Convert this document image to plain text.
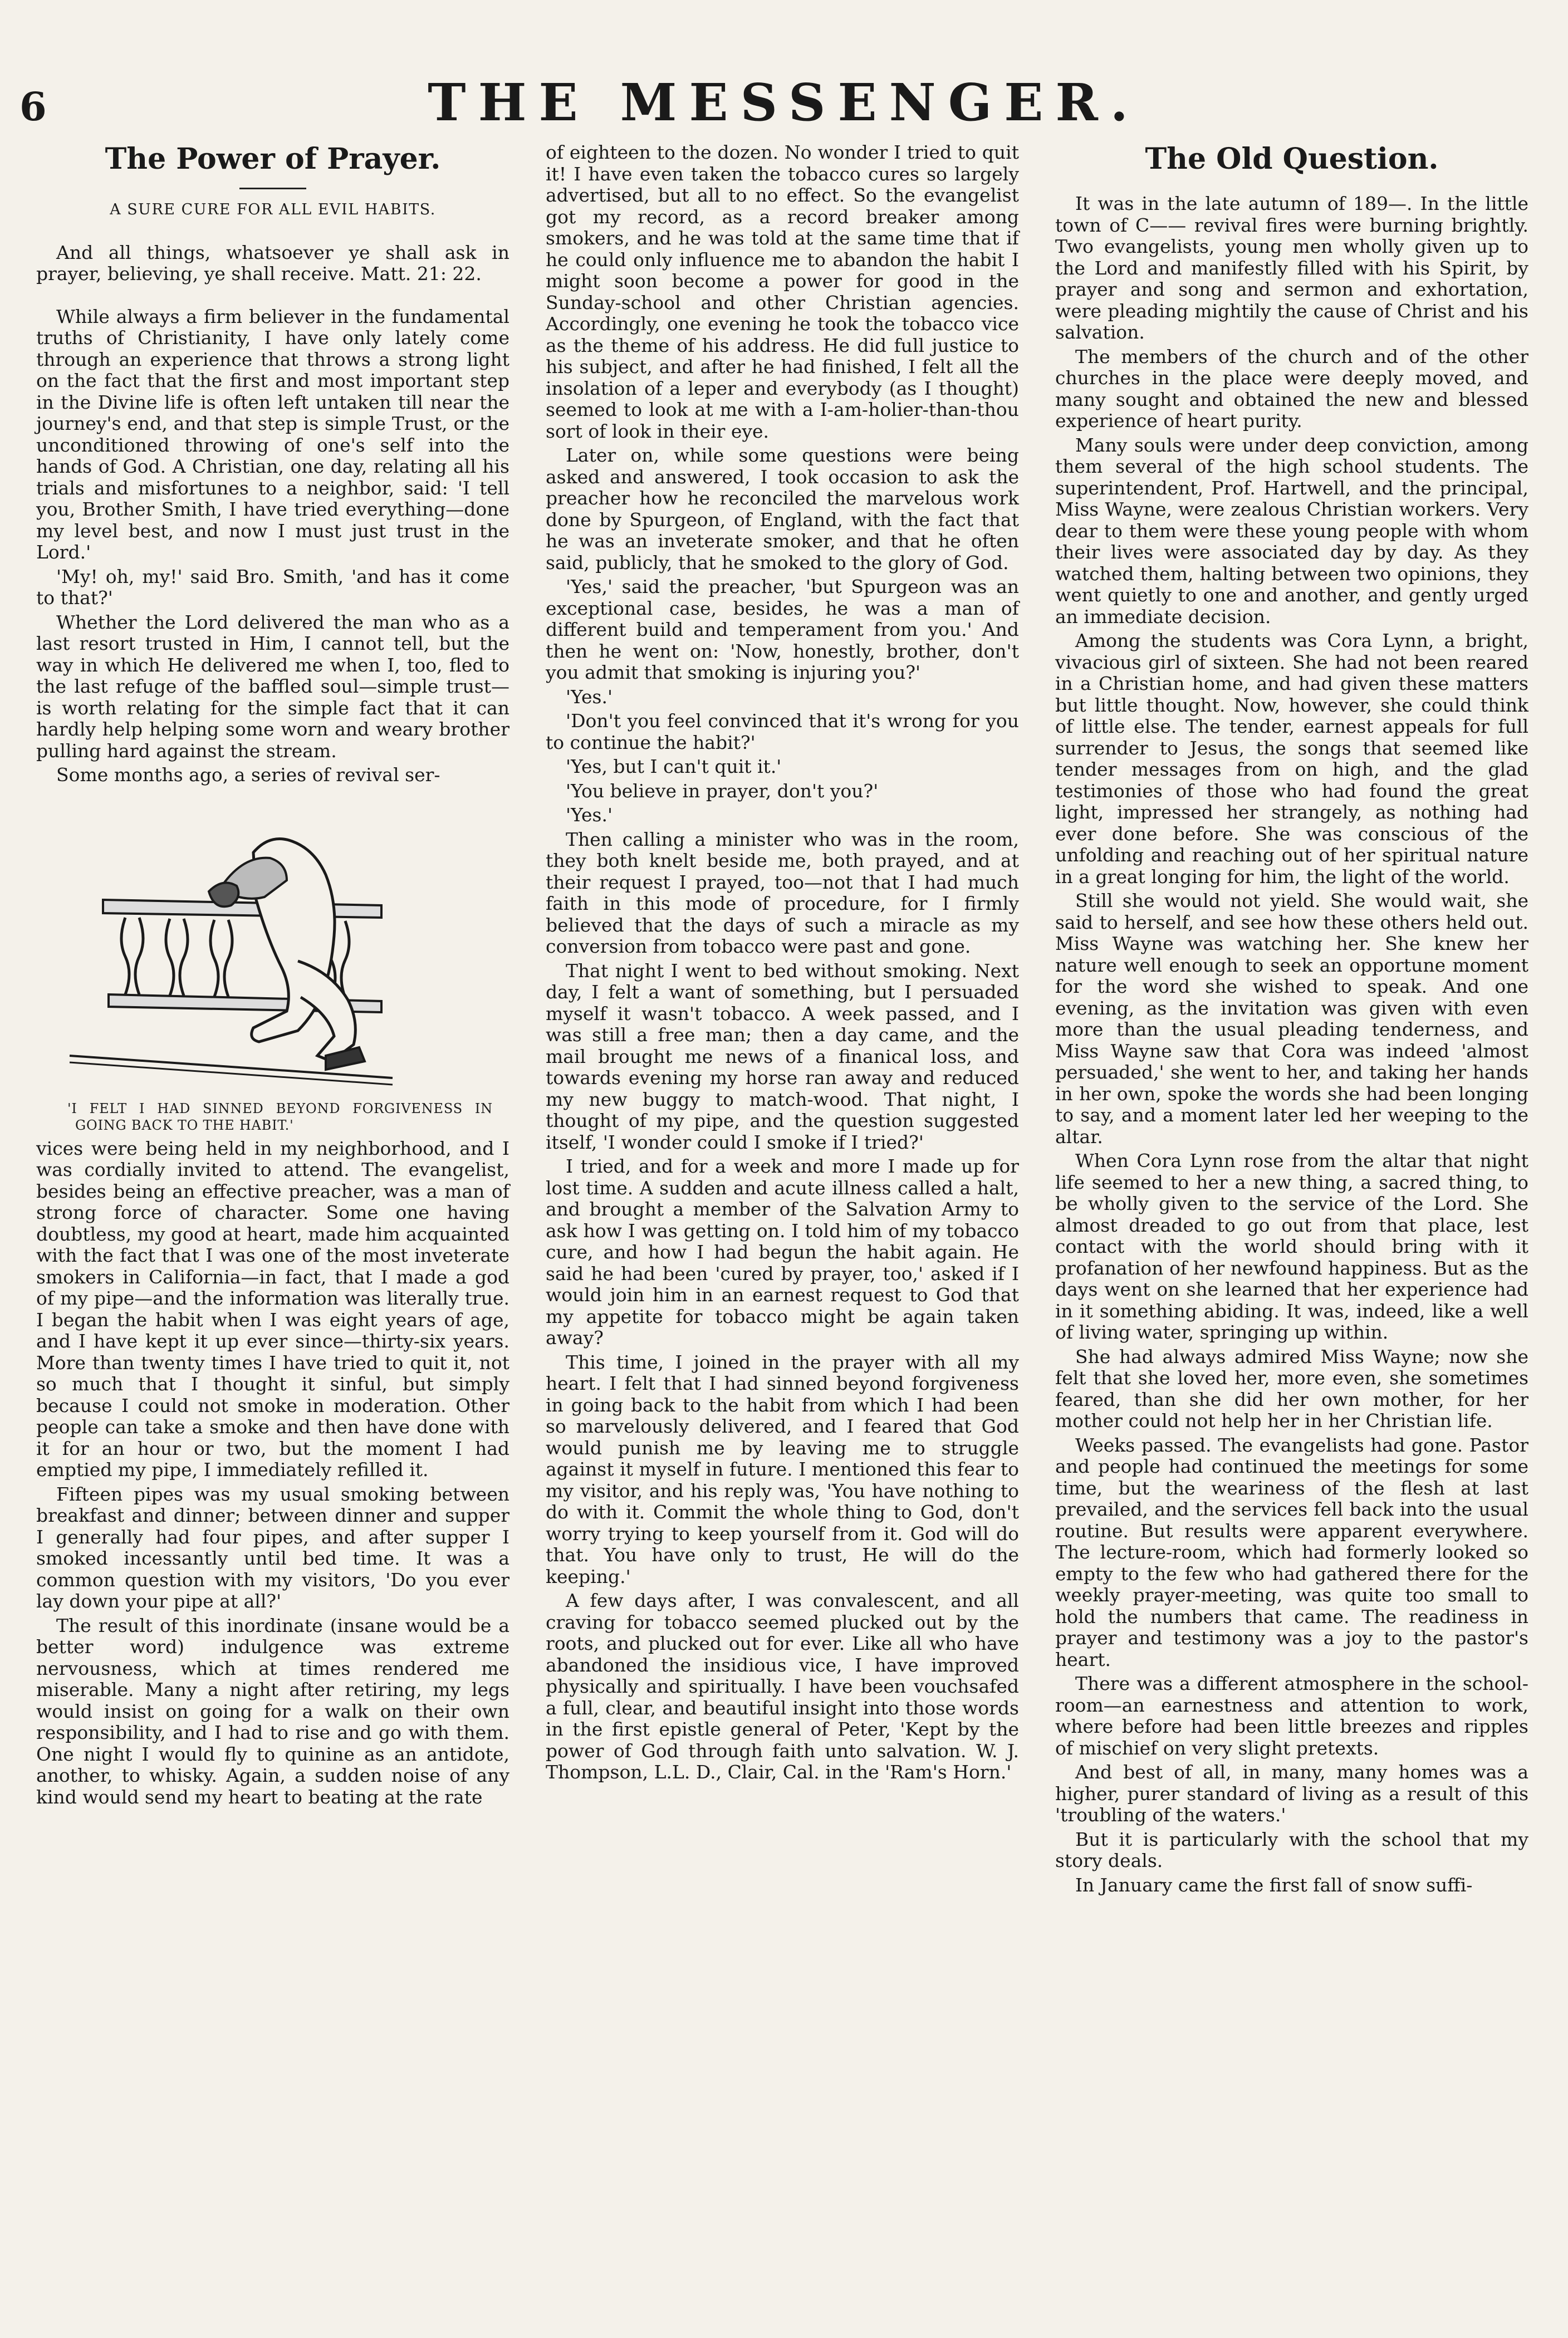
6	THE MESSENGER.
The Power of Prayer.
A SURE CURE FOR ALL EVIL HABITS.

And all things, whatsoever ye shall ask in prayer, believing, ye shall receive. Matt. 21: 22.

While always a firm believer in the fundamental truths of Christianity, I have only lately come through an experience that throws a strong light on the fact that the first and most important step in the Divine life is often left untaken till near the journey's end, and that step is simple Trust, or the unconditioned throwing of one's self into the hands of God. A Christian, one day, relating all his trials and misfortunes to a neighbor, said: 'I tell you, Brother Smith, I have tried everything—done my level best, and now I must just trust in the Lord.'

'My! oh, my!' said Bro. Smith, 'and has it come to that?'

Whether the Lord delivered the man who as a last resort trusted in Him, I cannot tell, but the way in which He delivered me when I, too, fled to the last refuge of the baffled soul—simple trust—is worth relating for the simple fact that it can hardly help helping some worn and weary brother pulling hard against the stream.

Some months ago, a series of revival ser-

'I FELT I HAD SINNED BEYOND FORGIVENESS IN GOING BACK TO THE HABIT.'

vices were being held in my neighborhood, and I was cordially invited to attend. The evangelist, besides being an effective preacher, was a man of strong force of character. Some one having doubtless, my good at heart, made him acquainted with the fact that I was one of the most inveterate smokers in California—in fact, that I made a god of my pipe—and the information was literally true. I began the habit when I was eight years of age, and I have kept it up ever since—thirty-six years. More than twenty times I have tried to quit it, not so much that I thought it sinful, but simply because I could not smoke in moderation. Other people can take a smoke and then have done with it for an hour or two, but the moment I had emptied my pipe, I immediately refilled it.

Fifteen pipes was my usual smoking between breakfast and dinner; between dinner and supper I generally had four pipes, and after supper I smoked incessantly until bed time. It was a common question with my visitors, 'Do you ever lay down your pipe at all?'

The result of this inordinate (insane would be a better word) indulgence was extreme nervousness, which at times rendered me miserable. Many a night after retiring, my legs would insist on going for a walk on their own responsibility, and I had to rise and go with them. One night I would fly to quinine as an antidote, another, to whisky. Again, a sudden noise of any kind would send my heart to beating at the rate

of eighteen to the dozen. No wonder I tried to quit it! I have even taken the tobacco cures so largely advertised, but all to no effect. So the evangelist got my record, as a record breaker among smokers, and he was told at the same time that if he could only influence me to abandon the habit I might soon become a power for good in the Sunday-school and other Christian agencies. Accordingly, one evening he took the tobacco vice as the theme of his address. He did full justice to his subject, and after he had finished, I felt all the insolation of a leper and everybody (as I thought) seemed to look at me with a I-am-holier-than-thou sort of look in their eye.

Later on, while some questions were being asked and answered, I took occasion to ask the preacher how he reconciled the marvelous work done by Spurgeon, of England, with the fact that he was an inveterate smoker, and that he often said, publicly, that he smoked to the glory of God.

'Yes,' said the preacher, 'but Spurgeon was an exceptional case, besides, he was a man of different build and temperament from you.' And then he went on: 'Now, honestly, brother, don't you admit that smoking is injuring you?'

'Yes.'

'Don't you feel convinced that it's wrong for you to continue the habit?'

'Yes, but I can't quit it.'

'You believe in prayer, don't you?'

'Yes.'

Then calling a minister who was in the room, they both knelt beside me, both prayed, and at their request I prayed, too—not that I had much faith in this mode of procedure, for I firmly believed that the days of such a miracle as my conversion from tobacco were past and gone.

That night I went to bed without smoking. Next day, I felt a want of something, but I persuaded myself it wasn't tobacco. A week passed, and I was still a free man; then a day came, and the mail brought me news of a finanical loss, and towards evening my horse ran away and reduced my new buggy to match-wood. That night, I thought of my pipe, and the question suggested itself, 'I wonder could I smoke if I tried?'

I tried, and for a week and more I made up for lost time. A sudden and acute illness called a halt, and brought a member of the Salvation Army to ask how I was getting on. I told him of my tobacco cure, and how I had begun the habit again. He said he had been 'cured by prayer, too,' asked if I would join him in an earnest request to God that my appetite for tobacco might be again taken away?

This time, I joined in the prayer with all my heart. I felt that I had sinned beyond forgiveness in going back to the habit from which I had been so marvelously delivered, and I feared that God would punish me by leaving me to struggle against it myself in future. I mentioned this fear to my visitor, and his reply was, 'You have nothing to do with it. Commit the whole thing to God, don't worry trying to keep yourself from it. God will do that. You have only to trust, He will do the keeping.'

A few days after, I was convalescent, and all craving for tobacco seemed plucked out by the roots, and plucked out for ever. Like all who have abandoned the insidious vice, I have improved physically and spiritually. I have been vouchsafed a full, clear, and beautiful insight into those words in the first epistle general of Peter, 'Kept by the power of God through faith unto salvation. W. J. Thompson, L.L. D., Clair, Cal. in the 'Ram's Horn.'

The Old Question.

It was in the late autumn of 189—. In the little town of C—— revival fires were burning brightly. Two evangelists, young men wholly given up to the Lord and manifestly filled with his Spirit, by prayer and song and sermon and exhortation, were pleading mightily the cause of Christ and his salvation.

The members of the church and of the other churches in the place were deeply moved, and many sought and obtained the new and blessed experience of heart purity.

Many souls were under deep conviction, among them several of the high school students. The superintendent, Prof. Hartwell, and the principal, Miss Wayne, were zealous Christian workers. Very dear to them were these young people with whom their lives were associated day by day. As they watched them, halting between two opinions, they went quietly to one and another, and gently urged an immediate decision.

Among the students was Cora Lynn, a bright, vivacious girl of sixteen. She had not been reared in a Christian home, and had given these matters but little thought. Now, however, she could think of little else. The tender, earnest appeals for full surrender to Jesus, the songs that seemed like tender messages from on high, and the glad testimonies of those who had found the great light, impressed her strangely, as nothing had ever done before. She was conscious of the unfolding and reaching out of her spiritual nature in a great longing for him, the light of the world.

Still she would not yield. She would wait, she said to herself, and see how these others held out. Miss Wayne was watching her. She knew her nature well enough to seek an opportune moment for the word she wished to speak. And one evening, as the invitation was given with even more than the usual pleading tenderness, and Miss Wayne saw that Cora was indeed 'almost persuaded,' she went to her, and taking her hands in her own, spoke the words she had been longing to say, and a moment later led her weeping to the altar.

When Cora Lynn rose from the altar that night life seemed to her a new thing, a sacred thing, to be wholly given to the service of the Lord. She almost dreaded to go out from that place, lest contact with the world should bring with it profanation of her newfound happiness. But as the days went on she learned that her experience had in it something abiding. It was, indeed, like a well of living water, springing up within.

She had always admired Miss Wayne; now she felt that she loved her, more even, she sometimes feared, than she did her own mother, for her mother could not help her in her Christian life.

Weeks passed. The evangelists had gone. Pastor and people had continued the meetings for some time, but the weariness of the flesh at last prevailed, and the services fell back into the usual routine. But results were apparent everywhere. The lecture-room, which had formerly looked so empty to the few who had gathered there for the weekly prayer-meeting, was quite too small to hold the numbers that came. The readiness in prayer and testimony was a joy to the pastor's heart.

There was a different atmosphere in the school-room—an earnestness and attention to work, where before had been little breezes and ripples of mischief on very slight pretexts.

And best of all, in many, many homes was a higher, purer standard of living as a result of this 'troubling of the waters.'

But it is particularly with the school that my story deals.

In January came the first fall of snow suffi-
